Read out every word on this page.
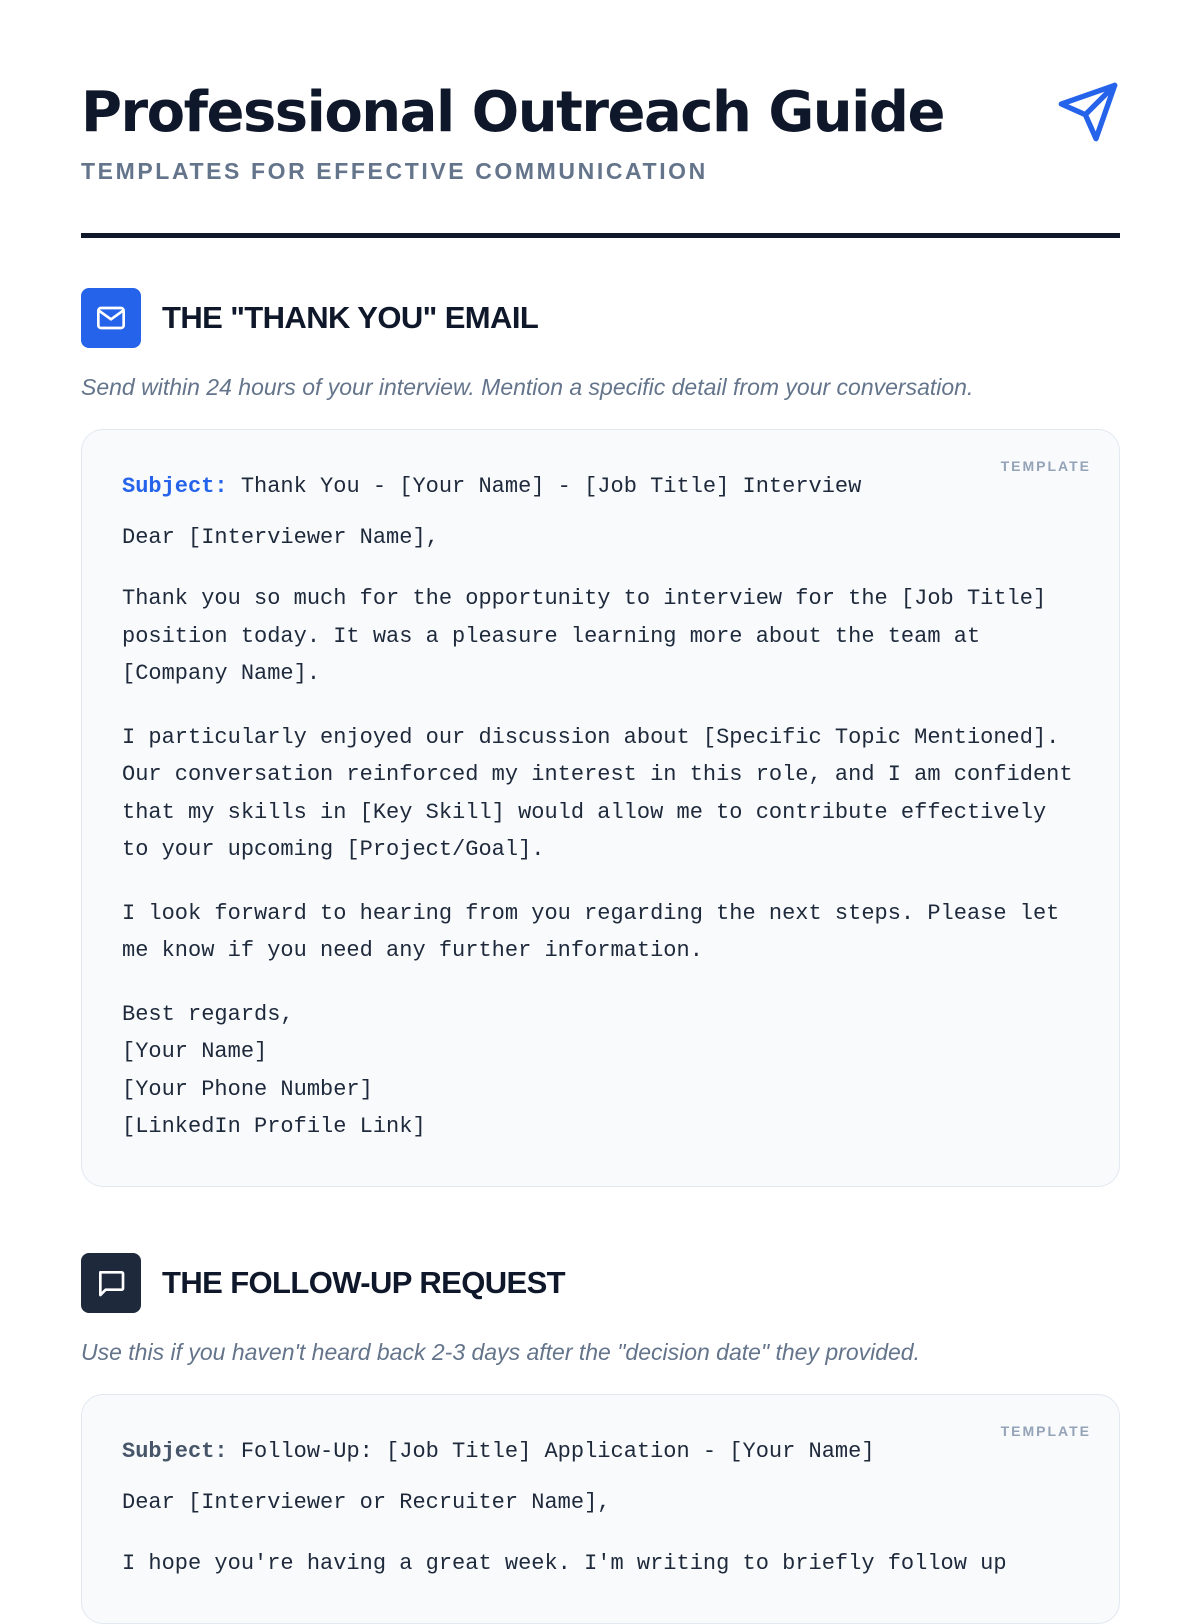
Professional Outreach Guide
TEMPLATES FOR EFFECTIVE COMMUNICATION
THE "THANK YOU" EMAIL
Send within 24 hours of your interview. Mention a specific detail from your conversation.
TEMPLATE
Subject: Thank You - [Your Name] - [Job Title] Interview
Dear [Interviewer Name],
Thank you so much for the opportunity to interview for the [Job Title] position today. It was a pleasure learning more about the team at [Company Name].
I particularly enjoyed our discussion about [Specific Topic Mentioned]. Our conversation reinforced my interest in this role, and I am confident that my skills in [Key Skill] would allow me to contribute effectively to your upcoming [Project/Goal].
I look forward to hearing from you regarding the next steps. Please let me know if you need any further information.
Best regards,
[Your Name]
[Your Phone Number]
[LinkedIn Profile Link]
THE FOLLOW-UP REQUEST
Use this if you haven't heard back 2-3 days after the "decision date" they provided.
TEMPLATE
Subject: Follow-Up: [Job Title] Application - [Your Name]
Dear [Interviewer or Recruiter Name],
I hope you're having a great week. I'm writing to briefly follow up
